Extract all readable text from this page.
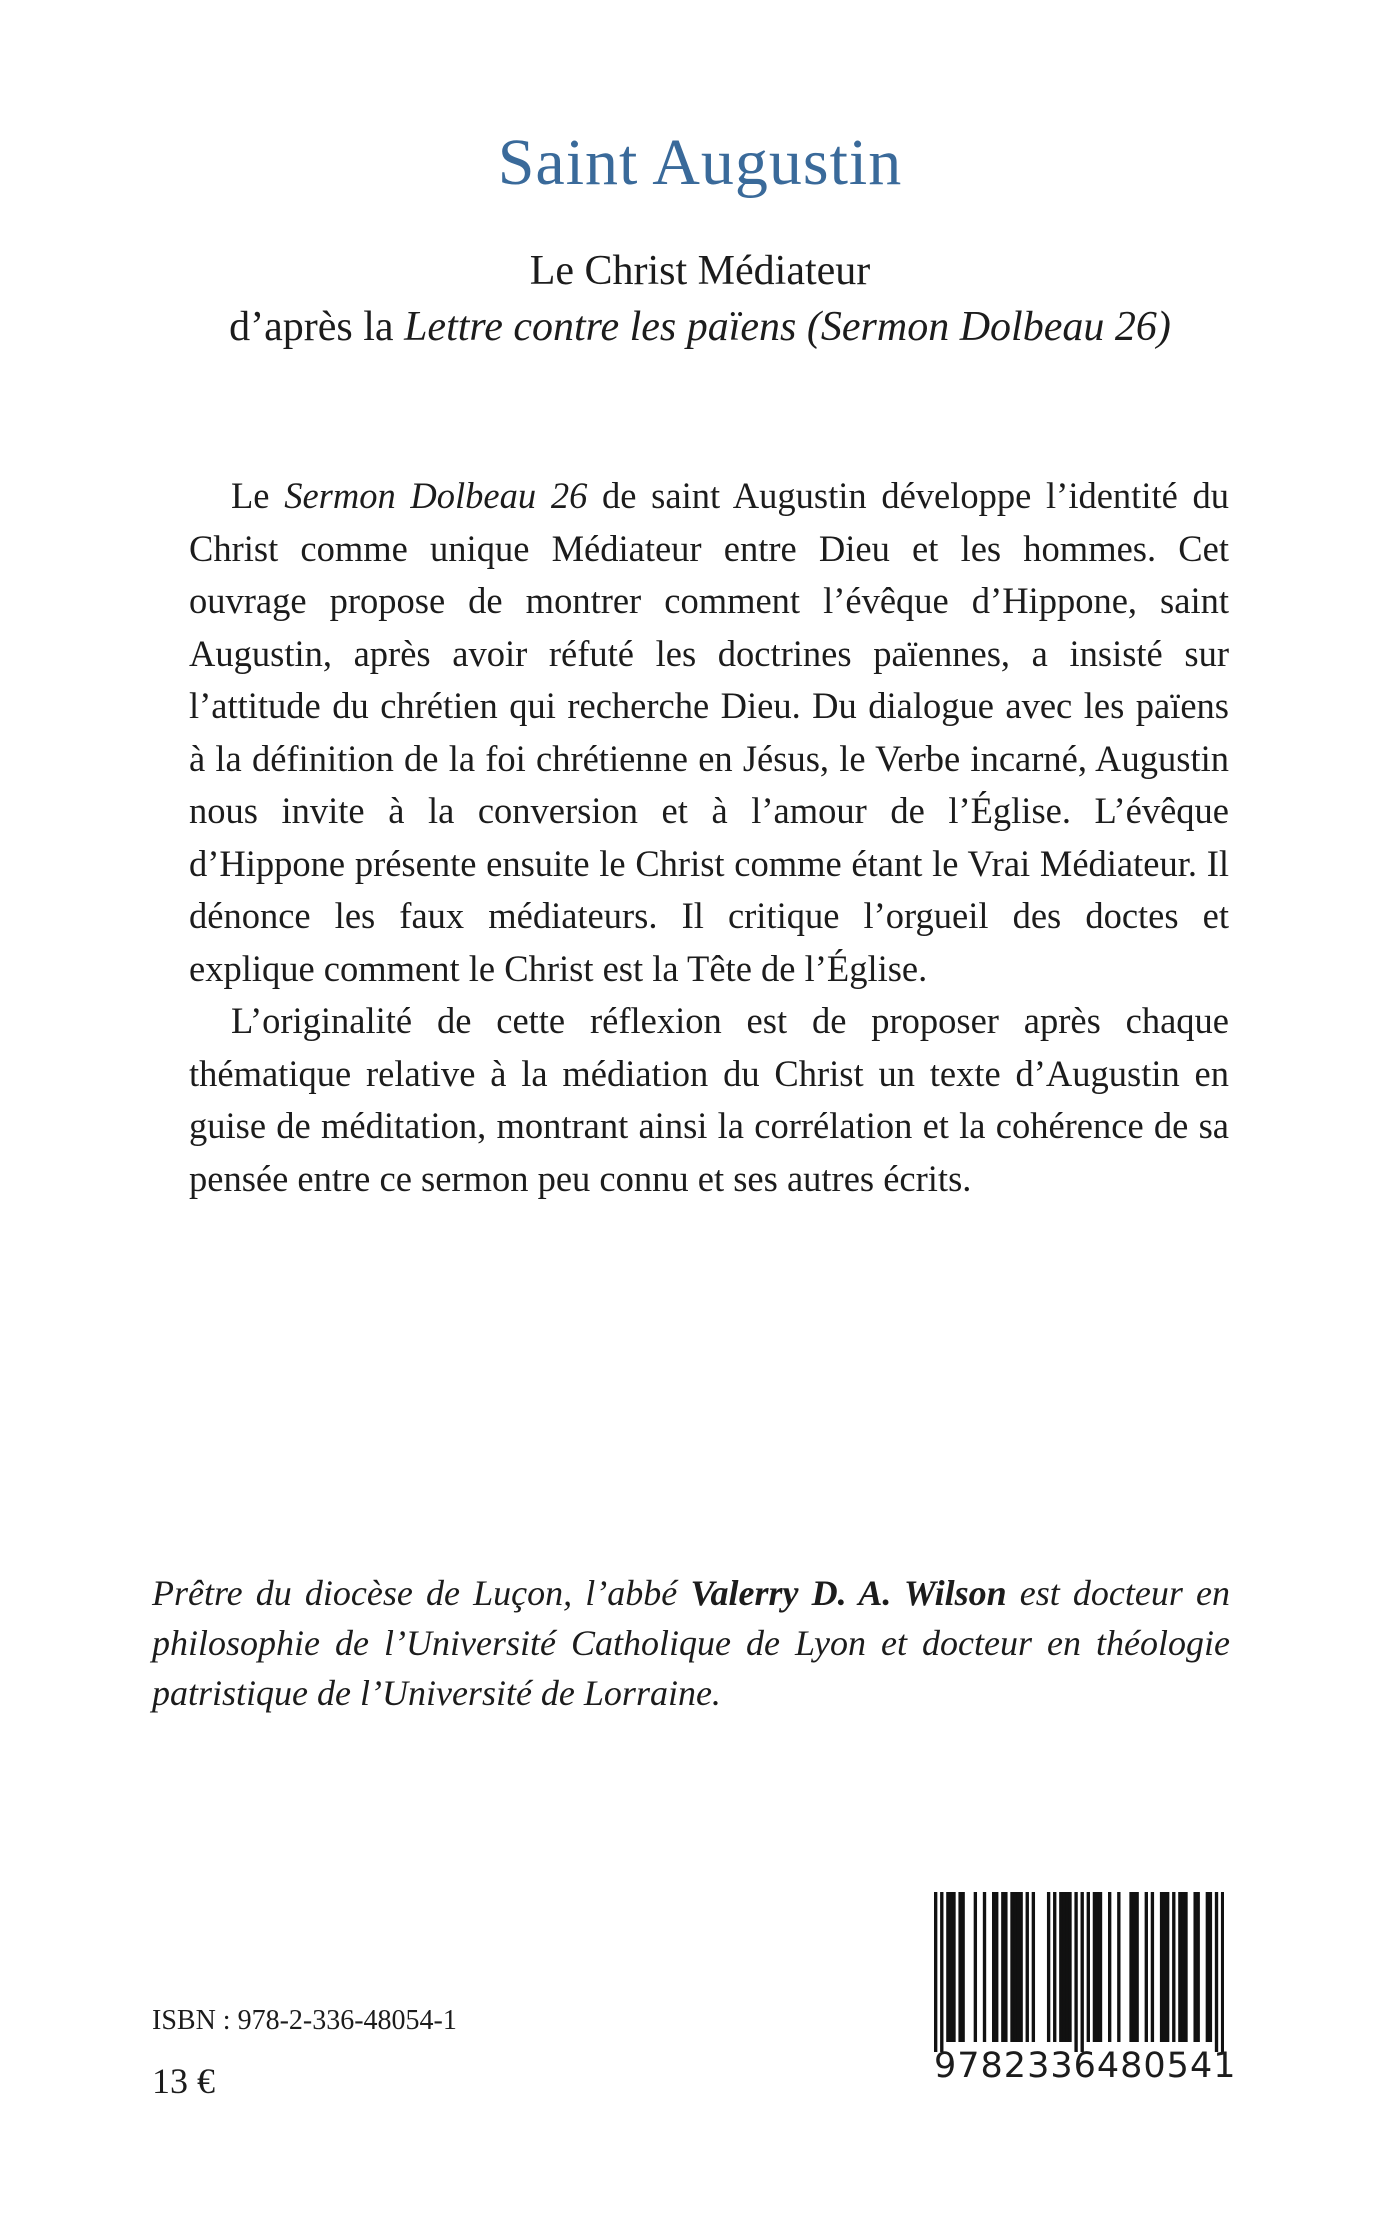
Saint Augustin
Le Christ Médiateur
d’après la Lettre contre les païens (Sermon Dolbeau 26)

Le Sermon Dolbeau 26 de saint Augustin développe l’identité du Christ comme unique Médiateur entre Dieu et les hommes. Cet ouvrage propose de montrer comment l’évêque d’Hippone, saint Augustin, après avoir réfuté les doctrines païennes, a insisté sur l’attitude du chrétien qui recherche Dieu. Du dialogue avec les païens à la définition de la foi chrétienne en Jésus, le Verbe incarné, Augustin nous invite à la conversion et à l’amour de l’Église. L’évêque d’Hippone présente ensuite le Christ comme étant le Vrai Médiateur. Il dénonce les faux médiateurs. Il critique l’orgueil des doctes et explique comment le Christ est la Tête de l’Église.

L’originalité de cette réflexion est de proposer après chaque thématique relative à la médiation du Christ un texte d’Augustin en guise de méditation, montrant ainsi la corrélation et la cohérence de sa pensée entre ce sermon peu connu et ses autres écrits.

Prêtre du diocèse de Luçon, l’abbé Valerry D. A. Wilson est docteur en philosophie de l’Université Catholique de Lyon et docteur en théologie patristique de l’Université de Lorraine.
ISBN : 978-2-336-48054-1
13 €	9782336480541
